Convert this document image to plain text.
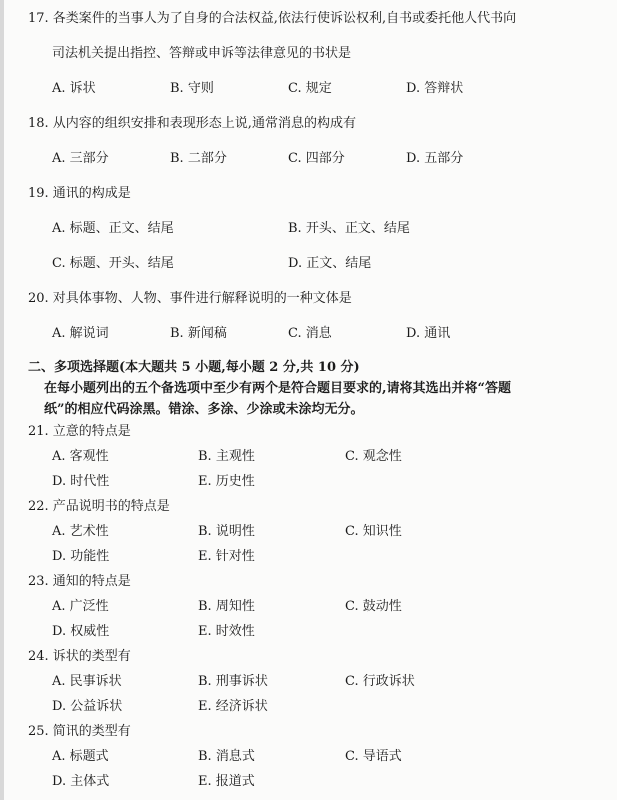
17. 各类案件的当事人为了自身的合法权益,依法行使诉讼权利,自书或委托他人代书向
司法机关提出指控、答辩或申诉等法律意见的书状是
A. 诉状	B. 守则	C. 规定	D. 答辩状
18. 从内容的组织安排和表现形态上说,通常消息的构成有
A. 三部分	B. 二部分	C. 四部分	D. 五部分
19. 通讯的构成是
A. 标题、正文、结尾	B. 开头、正文、结尾
C. 标题、开头、结尾	D. 正文、结尾
20. 对具体事物、人物、事件进行解释说明的一种文体是
A. 解说词	B. 新闻稿	C. 消息	D. 通讯
二、多项选择题(本大题共 5 小题,每小题 2 分,共 10 分)
在每小题列出的五个备选项中至少有两个是符合题目要求的,请将其选出并将“答题
纸”的相应代码涂黑。错涂、多涂、少涂或未涂均无分。
21. 立意的特点是
A. 客观性	B. 主观性	C. 观念性
D. 时代性	E. 历史性
22. 产品说明书的特点是
A. 艺术性	B. 说明性	C. 知识性
D. 功能性	E. 针对性
23. 通知的特点是
A. 广泛性	B. 周知性	C. 鼓动性
D. 权威性	E. 时效性
24. 诉状的类型有
A. 民事诉状	B. 刑事诉状	C. 行政诉状
D. 公益诉状	E. 经济诉状
25. 简讯的类型有
A. 标题式	B. 消息式	C. 导语式
D. 主体式	E. 报道式
